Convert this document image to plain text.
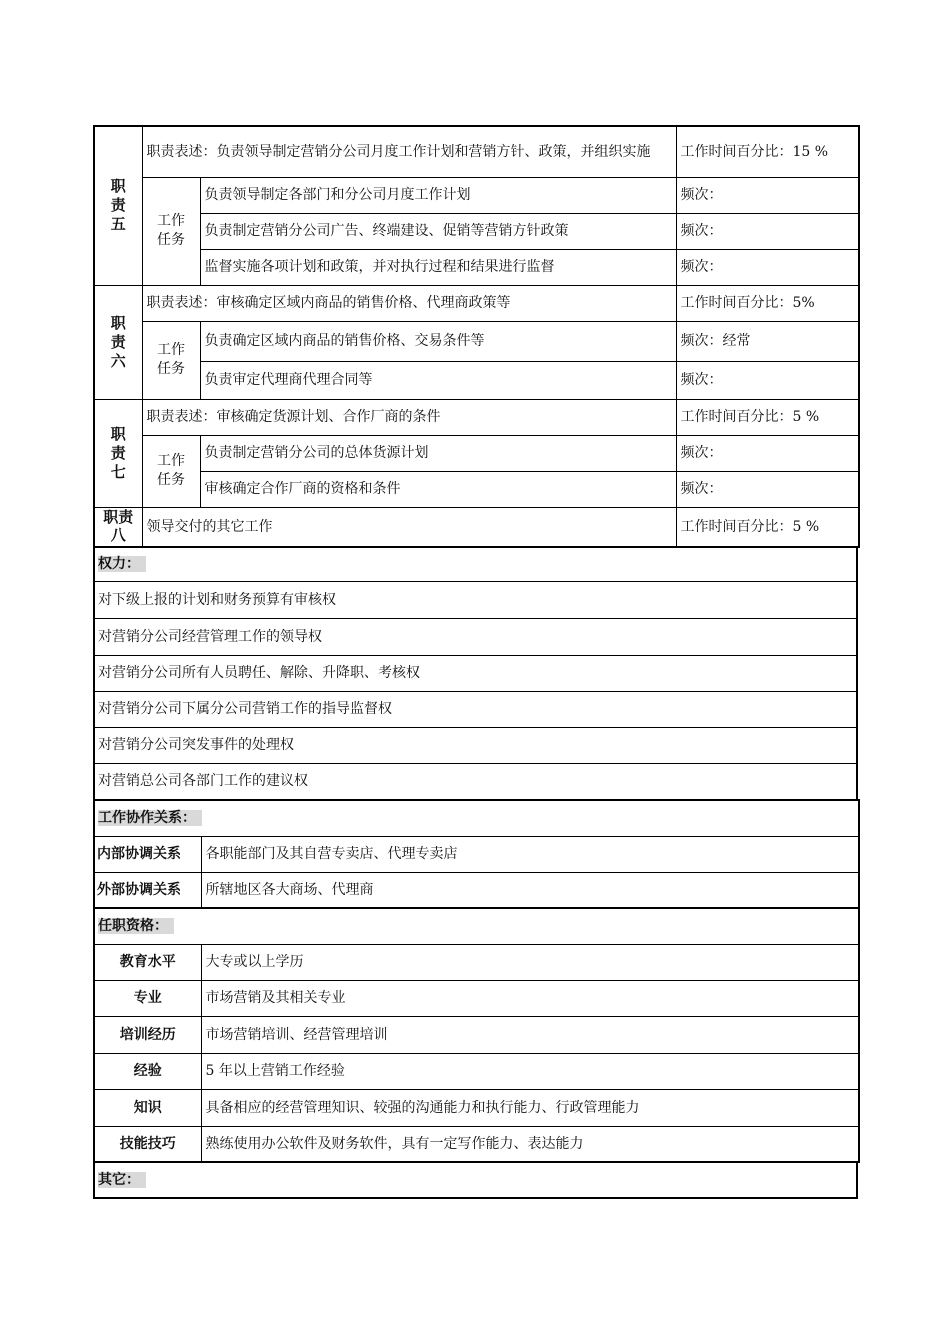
职责五	职责表述：负责领导制定营销分公司月度工作计划和营销方针、政策，并组织实施		工作时间百分比：15 %
	工作任务	负责领导制定各部门和分公司月度工作计划	频次：
		负责制定营销分公司广告、终端建设、促销等营销方针政策	频次：
		监督实施各项计划和政策，并对执行过程和结果进行监督	频次：
职责六	职责表述：审核确定区域内商品的销售价格、代理商政策等		工作时间百分比：5%
	工作任务	负责确定区域内商品的销售价格、交易条件等	频次：经常
		负责审定代理商代理合同等	频次：
职责七	职责表述：审核确定货源计划、合作厂商的条件		工作时间百分比：5 %
	工作任务	负责制定营销分公司的总体货源计划	频次：
		审核确定合作厂商的资格和条件	频次：
职责八	领导交付的其它工作		工作时间百分比：5 %
权力：
对下级上报的计划和财务预算有审核权
对营销分公司经营管理工作的领导权
对营销分公司所有人员聘任、解除、升降职、考核权
对营销分公司下属分公司营销工作的指导监督权
对营销分公司突发事件的处理权
对营销总公司各部门工作的建议权
工作协作关系：	
内部协调关系	各职能部门及其自营专卖店、代理专卖店
外部协调关系	所辖地区各大商场、代理商
任职资格：	
教育水平	大专或以上学历
专业	市场营销及其相关专业
培训经历	市场营销培训、经营管理培训
经验	5 年以上营销工作经验
知识	具备相应的经营管理知识、较强的沟通能力和执行能力、行政管理能力
技能技巧	熟练使用办公软件及财务软件，具有一定写作能力、表达能力
其它：
